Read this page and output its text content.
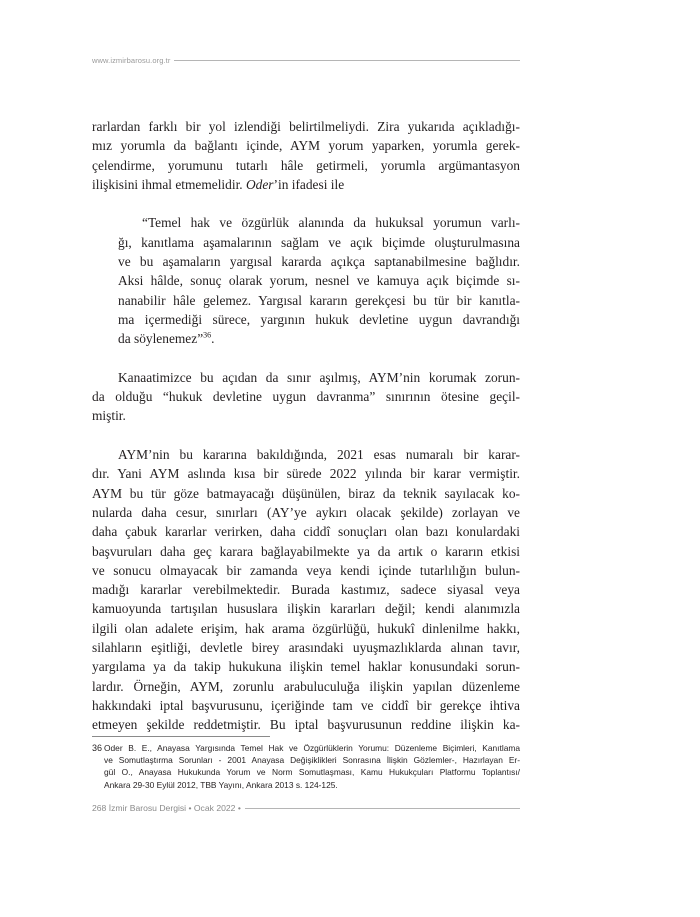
www.izmirbarosu.org.tr
rarlardan farklı bir yol izlendiği belirtilmeliydi. Zira yukarıda açıkladığı-
mız yorumla da bağlantı içinde, AYM yorum yaparken, yorumla gerek-
çelendirme, yorumunu tutarlı hâle getirmeli, yorumla argümantasyon
ilişkisini ihmal etmemelidir. Oder’in ifadesi ile
“Temel hak ve özgürlük alanında da hukuksal yorumun varlı-
ğı, kanıtlama aşamalarının sağlam ve açık biçimde oluşturulmasına
ve bu aşamaların yargısal kararda açıkça saptanabilmesine bağlıdır.
Aksi hâlde, sonuç olarak yorum, nesnel ve kamuya açık biçimde sı-
nanabilir hâle gelemez. Yargısal kararın gerekçesi bu tür bir kanıtla-
ma içermediği sürece, yargının hukuk devletine uygun davrandığı
da söylenemez”$^{36}$.
Kanaatimizce bu açıdan da sınır aşılmış, AYM’nin korumak zorun-
da olduğu “hukuk devletine uygun davranma” sınırının ötesine geçil-
miştir.
AYM’nin bu kararına bakıldığında, 2021 esas numaralı bir karar-
dır. Yani AYM aslında kısa bir sürede 2022 yılında bir karar vermiştir.
AYM bu tür göze batmayacağı düşünülen, biraz da teknik sayılacak ko-
nularda daha cesur, sınırları (AY’ye aykırı olacak şekilde) zorlayan ve
daha çabuk kararlar verirken, daha ciddî sonuçları olan bazı konulardaki
başvuruları daha geç karara bağlayabilmekte ya da artık o kararın etkisi
ve sonucu olmayacak bir zamanda veya kendi içinde tutarlılığın bulun-
madığı kararlar verebilmektedir. Burada kastımız, sadece siyasal veya
kamuoyunda tartışılan hususlara ilişkin kararları değil; kendi alanımızla
ilgili olan adalete erişim, hak arama özgürlüğü, hukukî dinlenilme hakkı,
silahların eşitliği, devletle birey arasındaki uyuşmazlıklarda alınan tavır,
yargılama ya da takip hukukuna ilişkin temel haklar konusundaki sorun-
lardır. Örneğin, AYM, zorunlu arabuluculuğa ilişkin yapılan düzenleme
hakkındaki iptal başvurusunu, içeriğinde tam ve ciddî bir gerekçe ihtiva
etmeyen şekilde reddetmiştir. Bu iptal başvurusunun reddine ilişkin ka-
36 Oder B. E., Anayasa Yargısında Temel Hak ve Özgürlüklerin Yorumu: Düzenleme Biçimleri, Kanıtlama
ve Somutlaştırma Sorunları - 2001 Anayasa Değişiklikleri Sonrasına İlişkin Gözlemler-, Hazırlayan Er-
gül O., Anayasa Hukukunda Yorum ve Norm Somutlaşması, Kamu Hukukçuları Platformu Toplantısı/
Ankara 29-30 Eylül 2012, TBB Yayını, Ankara 2013 s. 124-125.
268 İzmir Barosu Dergisi • Ocak 2022 •
